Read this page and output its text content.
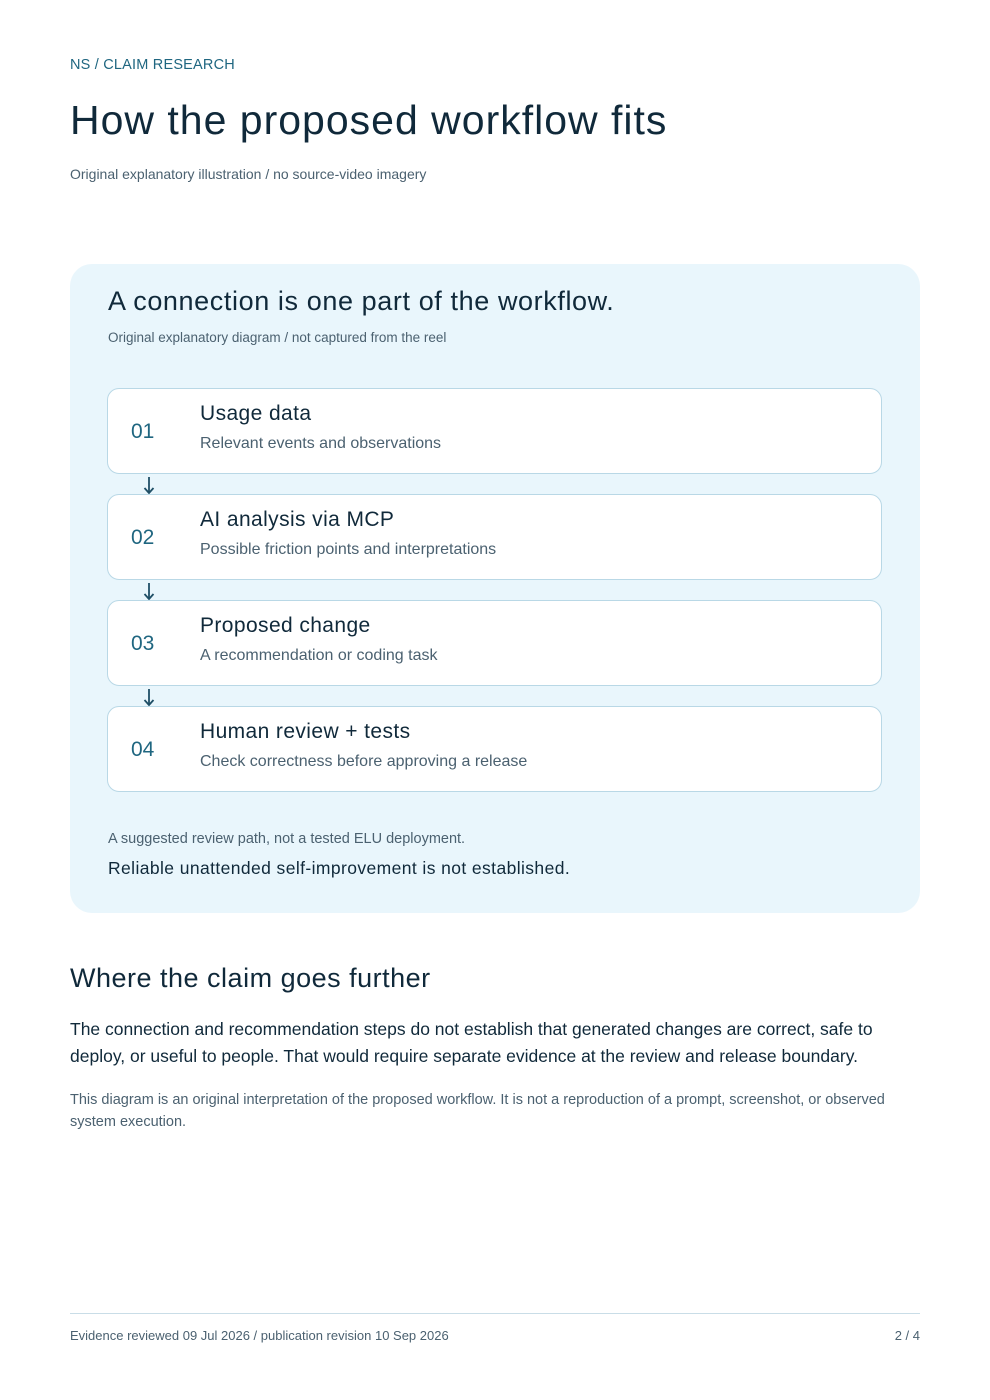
NS / CLAIM RESEARCH
How the proposed workflow fits
Original explanatory illustration / no source-video imagery
A connection is one part of the workflow.
Original explanatory diagram / not captured from the reel
01
Usage data
Relevant events and observations
02
AI analysis via MCP
Possible friction points and interpretations
03
Proposed change
A recommendation or coding task
04
Human review + tests
Check correctness before approving a release
A suggested review path, not a tested ELU deployment.
Reliable unattended self-improvement is not established.
Where the claim goes further

The connection and recommendation steps do not establish that generated changes are correct, safe to deploy, or useful to people. That would require separate evidence at the review and release boundary.

This diagram is an original interpretation of the proposed workflow. It is not a reproduction of a prompt, screenshot, or observed system execution.

Evidence reviewed 09 Jul 2026 / publication revision 10 Sep 2026	2 / 4
